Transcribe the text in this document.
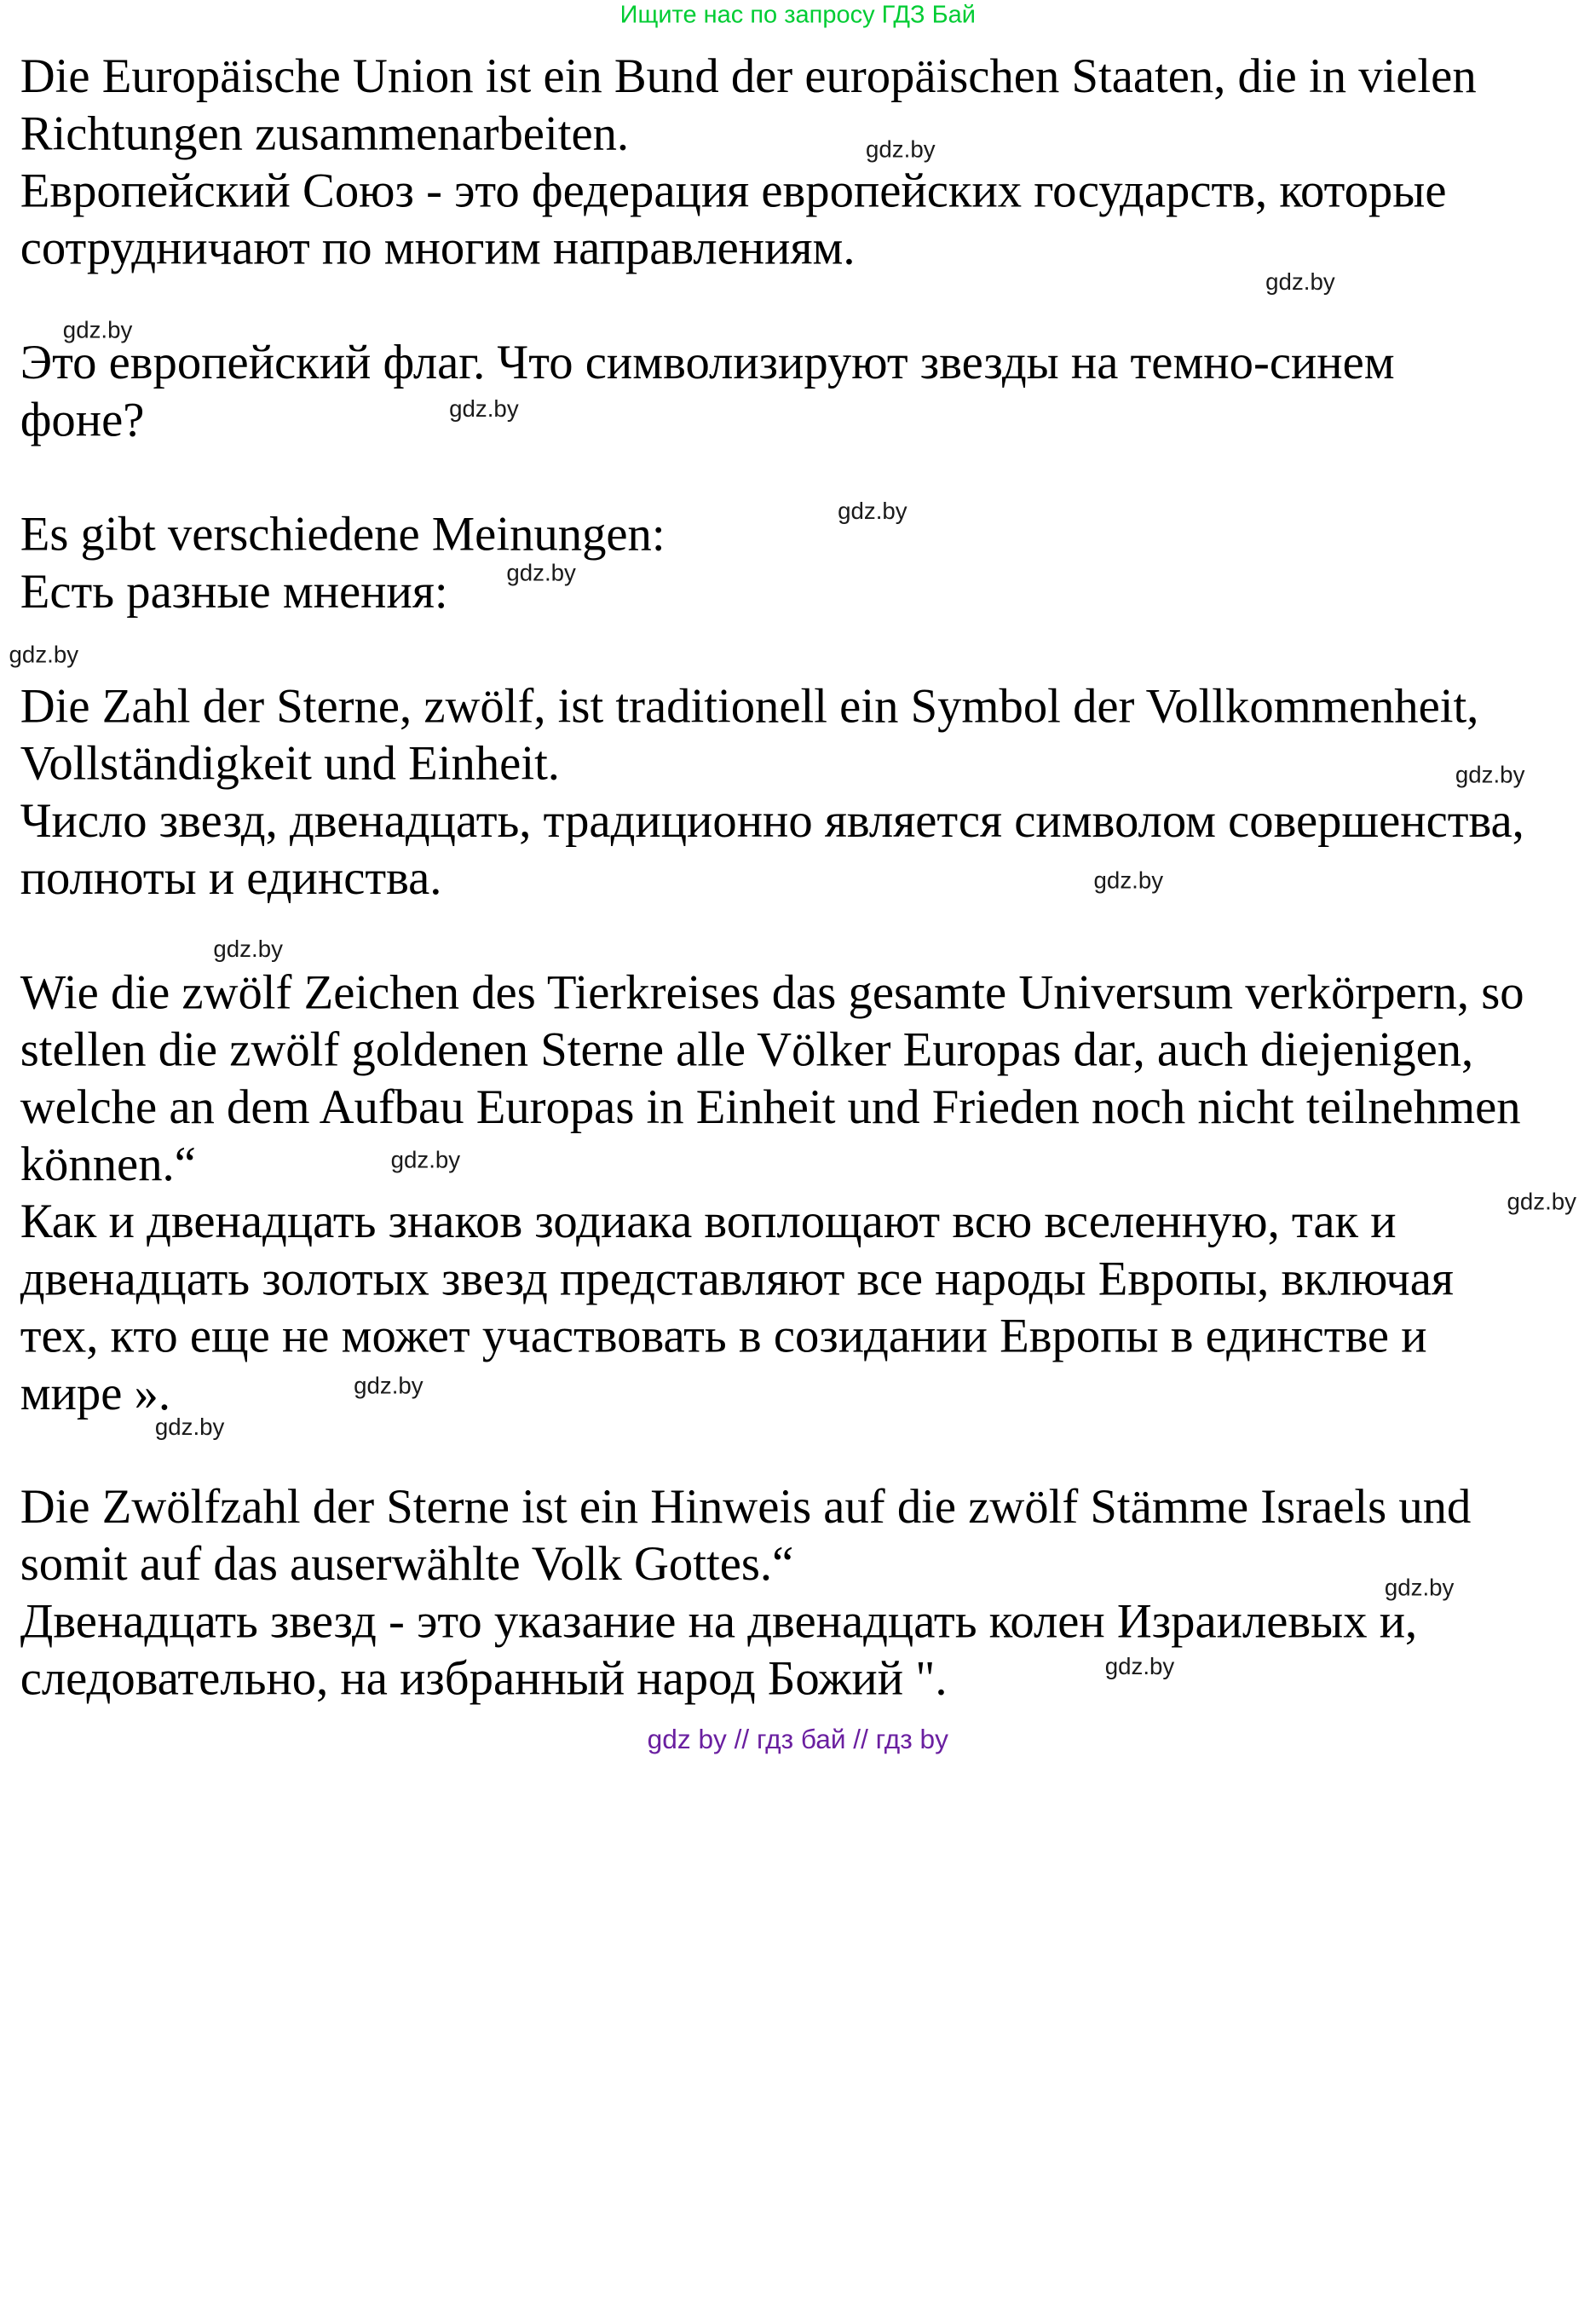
Ищите нас по запросу ГДЗ Бай
Die Europäische Union ist ein Bund der europäischen Staaten, die in vielen
Richtungen zusammenarbeiten.
Европейский Союз - это федерация европейских государств, которые
сотрудничают по многим направлениям.
Это европейский флаг. Что символизируют звезды на темно-синем
фоне?
Es gibt verschiedene Meinungen:
Есть разные мнения:
Die Zahl der Sterne, zwölf, ist traditionell ein Symbol der Vollkommenheit,
Vollständigkeit und Einheit.
Число звезд, двенадцать, традиционно является символом совершенства,
полноты и единства.
Wie die zwölf Zeichen des Tierkreises das gesamte Universum verkörpern, so
stellen die zwölf goldenen Sterne alle Völker Europas dar, auch diejenigen,
welche an dem Aufbau Europas in Einheit und Frieden noch nicht teilnehmen
können.“
Как и двенадцать знаков зодиака воплощают всю вселенную, так и
двенадцать золотых звезд представляют все народы Европы, включая
тех, кто еще не может участвовать в созидании Европы в единстве и
мире ».
Die Zwölfzahl der Sterne ist ein Hinweis auf die zwölf Stämme Israels und
somit auf das auserwählte Volk Gottes.“
Двенадцать звезд - это указание на двенадцать колен Израилевых и,
следовательно, на избранный народ Божий ".
gdz.by
gdz.by
gdz.by
gdz.by
gdz.by
gdz.by
gdz.by
gdz.by
gdz.by
gdz.by
gdz.by
gdz.by
gdz.by
gdz.by
gdz.by
gdz.by
gdz by // гдз бай // гдз by
